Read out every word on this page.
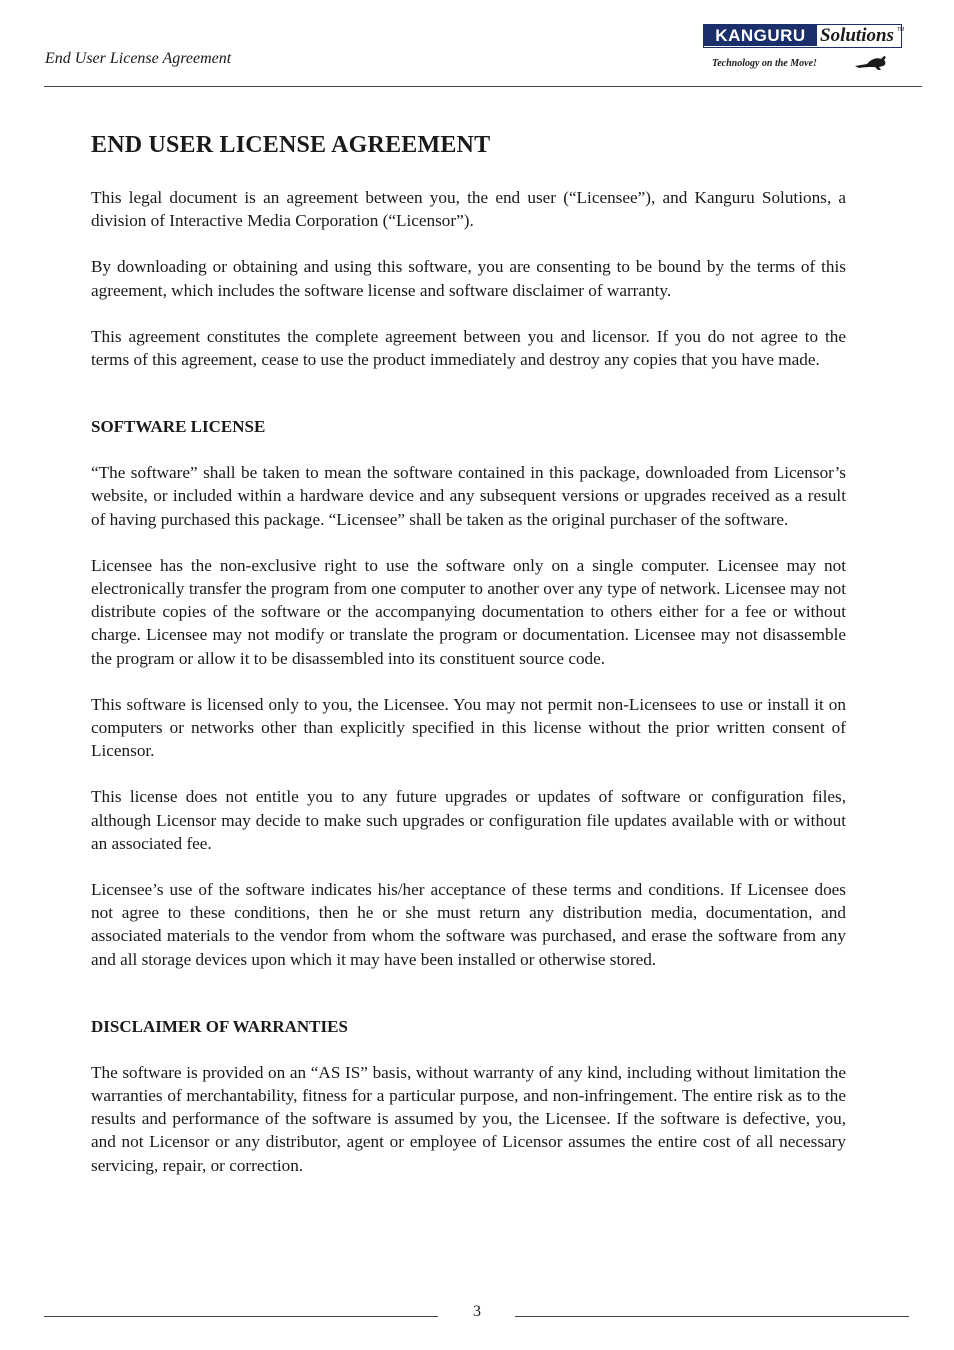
End User License Agreement
KANGURU Solutions TM
Technology on the Move!
END USER LICENSE AGREEMENT

This legal document is an agreement between you, the end user (“Licensee”), and Kanguru Solutions, a division of Interactive Media Corporation (“Licensor”).

By downloading or obtaining and using this software, you are consenting to be bound by the terms of this agreement, which includes the software license and software disclaimer of warranty.

This agreement constitutes the complete agreement between you and licensor. If you do not agree to the terms of this agreement, cease to use the product immediately and destroy any copies that you have made.

SOFTWARE LICENSE

“The software” shall be taken to mean the software contained in this package, downloaded from Licensor’s website, or included within a hardware device and any subsequent versions or upgrades received as a result of having purchased this package. “Licensee” shall be taken as the original purchaser of the software.

Licensee has the non-exclusive right to use the software only on a single computer. Licensee may not electronically transfer the program from one computer to another over any type of network. Licensee may not distribute copies of the software or the accompanying documentation to others either for a fee or without charge. Licensee may not modify or translate the program or documentation. Licensee may not disassemble the program or allow it to be disassembled into its constituent source code.

This software is licensed only to you, the Licensee. You may not permit non-Licensees to use or install it on computers or networks other than explicitly specified in this license without the prior written consent of Licensor.

This license does not entitle you to any future upgrades or updates of software or configuration files, although Licensor may decide to make such upgrades or configuration file updates available with or without an associated fee.

Licensee’s use of the software indicates his/her acceptance of these terms and conditions. If Licensee does not agree to these conditions, then he or she must return any distribution media, documentation, and associated materials to the vendor from whom the software was purchased, and erase the software from any and all storage devices upon which it may have been installed or otherwise stored.

DISCLAIMER OF WARRANTIES

The software is provided on an “AS IS” basis, without warranty of any kind, including without limitation the warranties of merchantability, fitness for a particular purpose, and non-infringement. The entire risk as to the results and performance of the software is assumed by you, the Licensee. If the software is defective, you, and not Licensor or any distributor, agent or employee of Licensor assumes the entire cost of all necessary servicing, repair, or correction.

3
